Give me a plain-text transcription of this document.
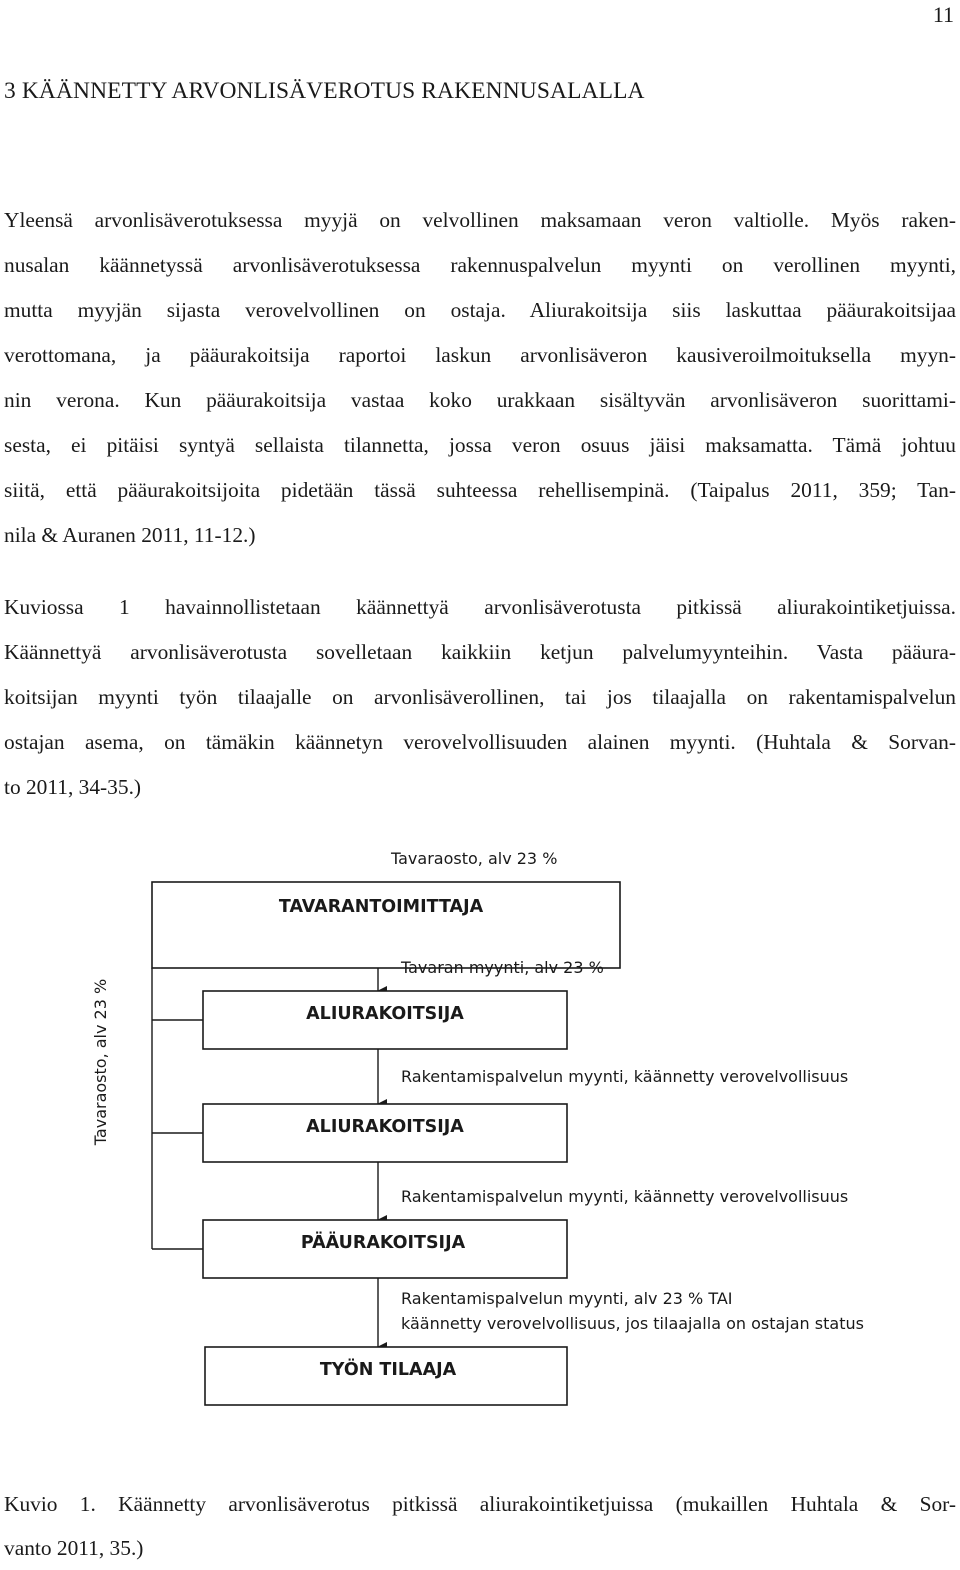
11
3 KÄÄNNETTY ARVONLISÄVEROTUS RAKENNUSALALLA

Yleensä arvonlisäverotuksessa myyjä on velvollinen maksamaan veron valtiolle. Myös raken-
nusalan käännetyssä arvonlisäverotuksessa rakennuspalvelun myynti on verollinen myynti,
mutta myyjän sijasta verovelvollinen on ostaja. Aliurakoitsija siis laskuttaa pääurakoitsijaa
verottomana, ja pääurakoitsija raportoi laskun arvonlisäveron kausiveroilmoituksella myyn-
nin verona. Kun pääurakoitsija vastaa koko urakkaan sisältyvän arvonlisäveron suorittami-
sesta, ei pitäisi syntyä sellaista tilannetta, jossa veron osuus jäisi maksamatta. Tämä johtuu
siitä, että pääurakoitsijoita pidetään tässä suhteessa rehellisempinä. (Taipalus 2011, 359; Tan-
nila & Auranen 2011, 11-12.)

Kuviossa 1 havainnollistetaan käännettyä arvonlisäverotusta pitkissä aliurakointiketjuissa.
Käännettyä arvonlisäverotusta sovelletaan kaikkiin ketjun palvelumyynteihin. Vasta pääura-
koitsijan myynti työn tilaajalle on arvonlisäverollinen, tai jos tilaajalla on rakentamispalvelun
ostajan asema, on tämäkin käännetyn verovelvollisuuden alainen myynti. (Huhtala & Sorvan-
to 2011, 34-35.)

Tavaraosto, alv 23 %
TAVARANTOIMITTAJA
Tavaran myynti, alv 23 %
ALIURAKOITSIJA
Rakentamispalvelun myynti, käännetty verovelvollisuus
ALIURAKOITSIJA
Rakentamispalvelun myynti, käännetty verovelvollisuus
PÄÄURAKOITSIJA
Rakentamispalvelun myynti, alv 23 % TAI
käännetty verovelvollisuus, jos tilaajalla on ostajan status
TYÖN TILAAJA
Tavaraosto, alv 23 %

Kuvio 1. Käännetty arvonlisäverotus pitkissä aliurakointiketjuissa (mukaillen Huhtala & Sor-
vanto 2011, 35.)
